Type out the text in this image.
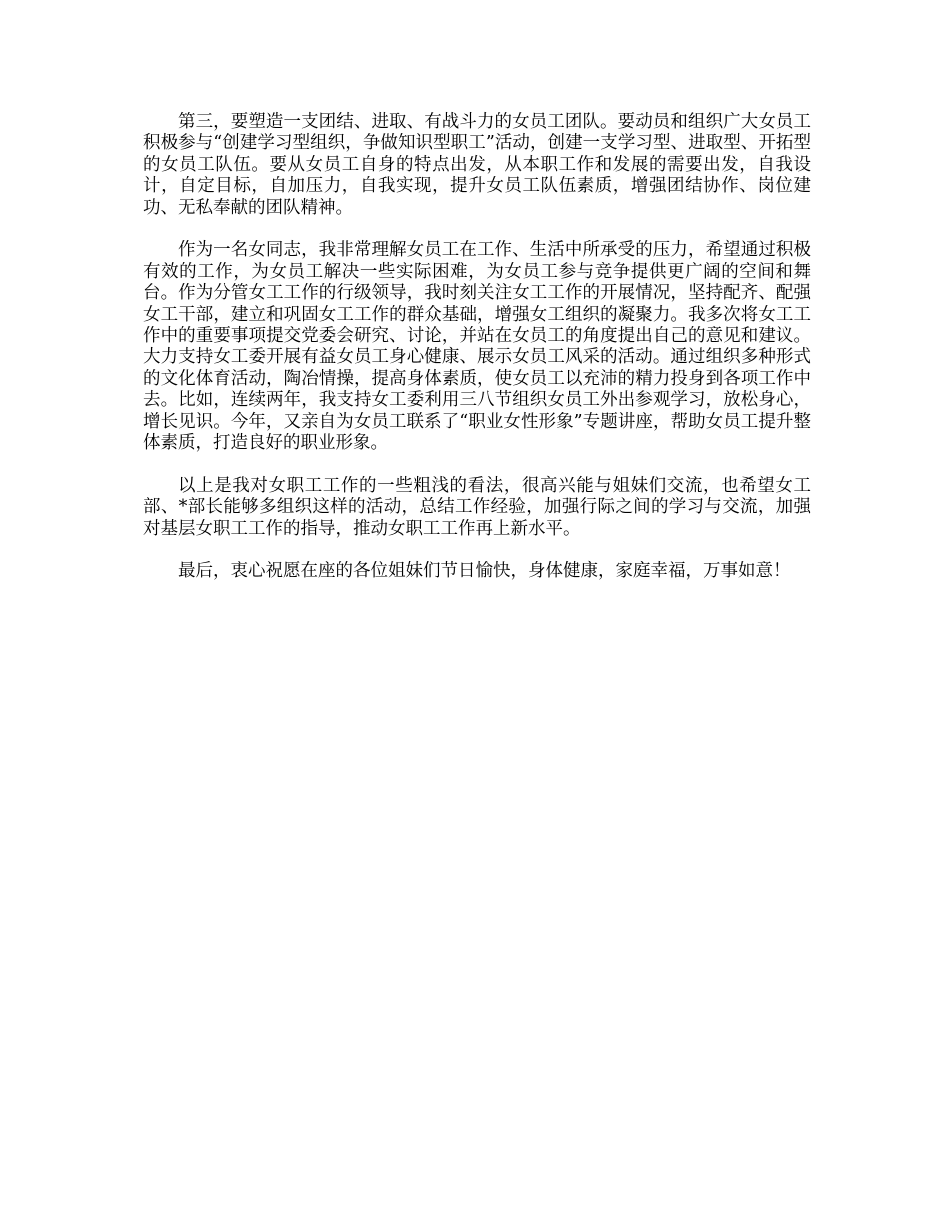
第三，要塑造一支团结、进取、有战斗力的女员工团队。要动员和组织广大女员工积极参与“创建学习型组织，争做知识型职工”活动，创建一支学习型、进取型、开拓型的女员工队伍。要从女员工自身的特点出发，从本职工作和发展的需要出发，自我设计，自定目标，自加压力，自我实现，提升女员工队伍素质，增强团结协作、岗位建功、无私奉献的团队精神。

作为一名女同志，我非常理解女员工在工作、生活中所承受的压力，希望通过积极有效的工作，为女员工解决一些实际困难，为女员工参与竞争提供更广阔的空间和舞台。作为分管女工工作的行级领导，我时刻关注女工工作的开展情况，坚持配齐、配强女工干部，建立和巩固女工工作的群众基础，增强女工组织的凝聚力。我多次将女工工作中的重要事项提交党委会研究、讨论，并站在女员工的角度提出自己的意见和建议。大力支持女工委开展有益女员工身心健康、展示女员工风采的活动。通过组织多种形式的文化体育活动，陶冶情操，提高身体素质，使女员工以充沛的精力投身到各项工作中去。比如，连续两年，我支持女工委利用三八节组织女员工外出参观学习，放松身心，增长见识。今年，又亲自为女员工联系了“职业女性形象”专题讲座，帮助女员工提升整体素质，打造良好的职业形象。

以上是我对女职工工作的一些粗浅的看法，很高兴能与姐妹们交流，也希望女工部、*部长能够多组织这样的活动，总结工作经验，加强行际之间的学习与交流，加强对基层女职工工作的指导，推动女职工工作再上新水平。

最后，衷心祝愿在座的各位姐妹们节日愉快，身体健康，家庭幸福，万事如意！
